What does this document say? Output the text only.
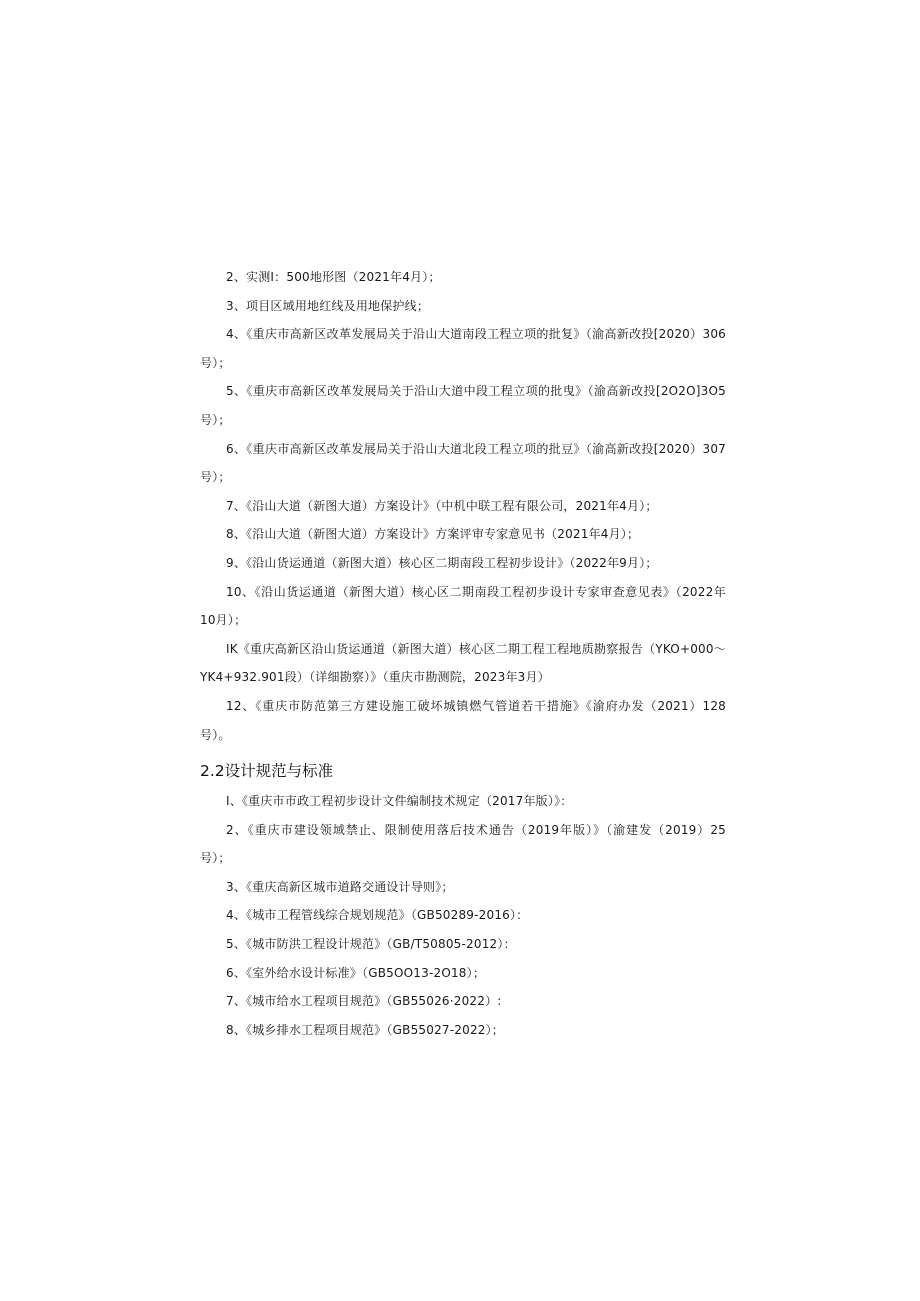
2、实测I：500地形图（2021年4月）；

3、项目区域用地红线及用地保护线；

4、《重庆市高新区改革发展局关于沿山大道南段工程立项的批复》（渝高新改投[2020）306号）；

5、《重庆市高新区改革发展局关于沿山大道中段工程立项的批曳》（渝高新改投[2O2O]3O5号）；

6、《重庆市高新区改革发展局关于沿山大道北段工程立项的批豆》（渝高新改投[2020）307号）；

7、《沿山大道（新图大道）方案设计》（中机中联工程有限公司，2021年4月）；

8、《沿山大道（新图大道）方案设计》方案评审专家意见书（2021年4月）；

9、《沿山货运通道（新图大道）核心区二期南段工程初步设计》（2022年9月）；

10、《沿山货运通道（新图大道）核心区二期南段工程初步设计专家审查意见表》（2022年10月）；

IK《重庆高新区沿山货运通道（新图大道）核心区二期工程工程地质勘察报告（YKO+000～YK4+932.901段）（详细勘察）》（重庆市勘测院，2023年3月）

12、《重庆市防范第三方建设施工破坏城镇燃气管道若干措施》《渝府办发（2021）128号）。

2.2设计规范与标准

I、《重庆市市政工程初步设计文件编制技术规定（2017年版）》：

2、《重庆市建设领域禁止、限制使用落后技术通告（2019年版）》（渝建发（2019）25号）；

3、《重庆高新区城市道路交通设计导则》；

4、《城市工程管线综合规划规范》（GB50289-2016）：

5、《城市防洪工程设计规范》（GB/T50805-2012）：

6、《室外给水设计标准》（GB5OO13-2O18）；

7、《城市给水工程项目规范》（GB55026·2022）:

8、《城乡排水工程项目规范》（GB55027-2022）；
